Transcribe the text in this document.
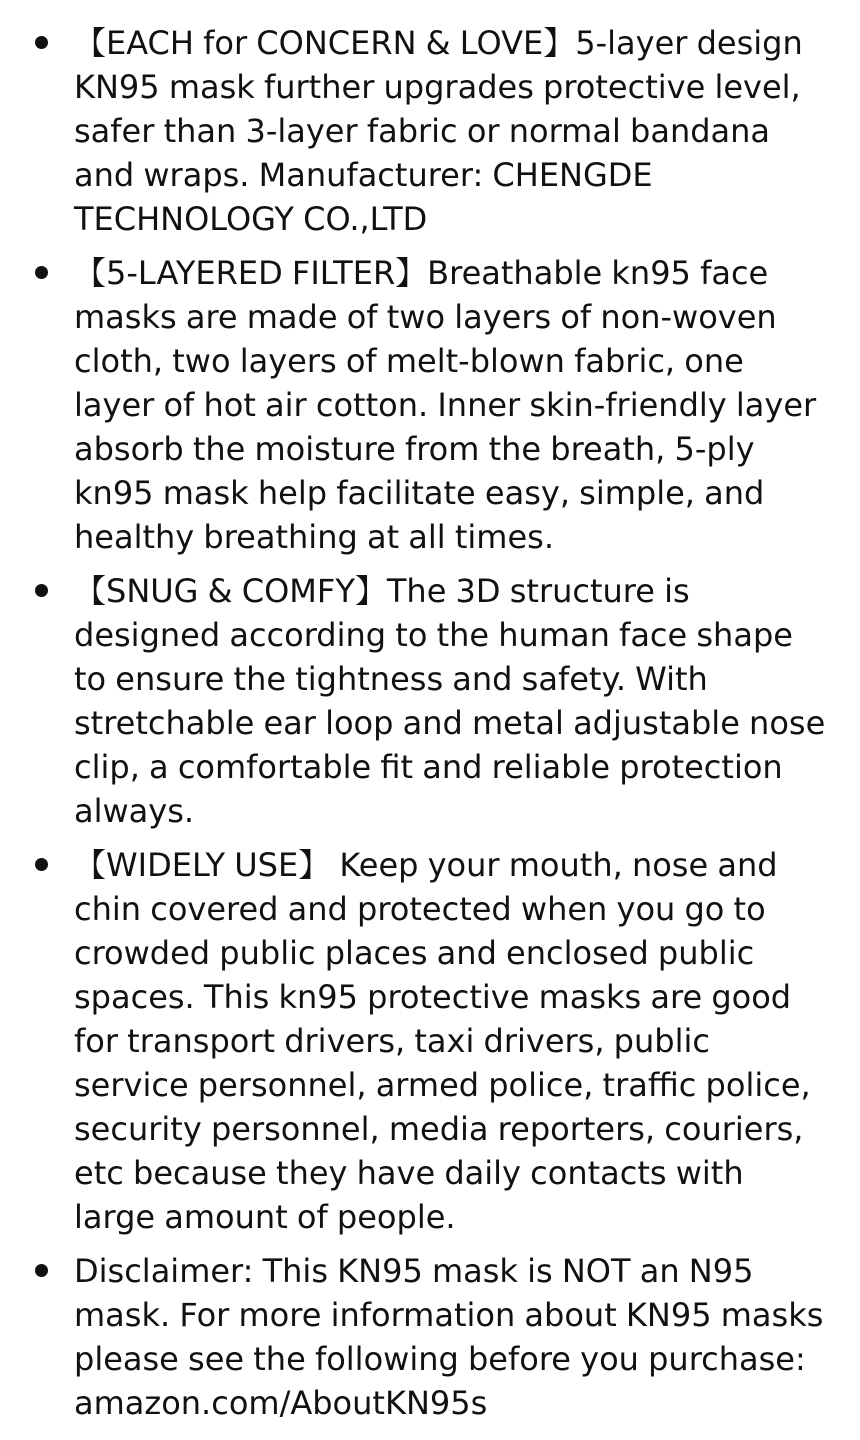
【EACH for CONCERN & LOVE】5-layer design KN95 mask further upgrades protective level, safer than 3-layer fabric or normal bandana and wraps. Manufacturer: CHENGDE TECHNOLOGY CO.,LTD
【5-LAYERED FILTER】Breathable kn95 face masks are made of two layers of non-woven cloth, two layers of melt-blown fabric, one layer of hot air cotton. Inner skin-friendly layer absorb the moisture from the breath, 5-ply kn95 mask help facilitate easy, simple, and healthy breathing at all times.
【SNUG & COMFY】The 3D structure is designed according to the human face shape to ensure the tightness and safety. With stretchable ear loop and metal adjustable nose clip, a comfortable fit and reliable protection always.
【WIDELY USE】 Keep your mouth, nose and chin covered and protected when you go to crowded public places and enclosed public spaces. This kn95 protective masks are good for transport drivers, taxi drivers, public service personnel, armed police, traffic police, security personnel, media reporters, couriers, etc because they have daily contacts with large amount of people.
Disclaimer: This KN95 mask is NOT an N95 mask. For more information about KN95 masks please see the following before you purchase: amazon.com/AboutKN95s
